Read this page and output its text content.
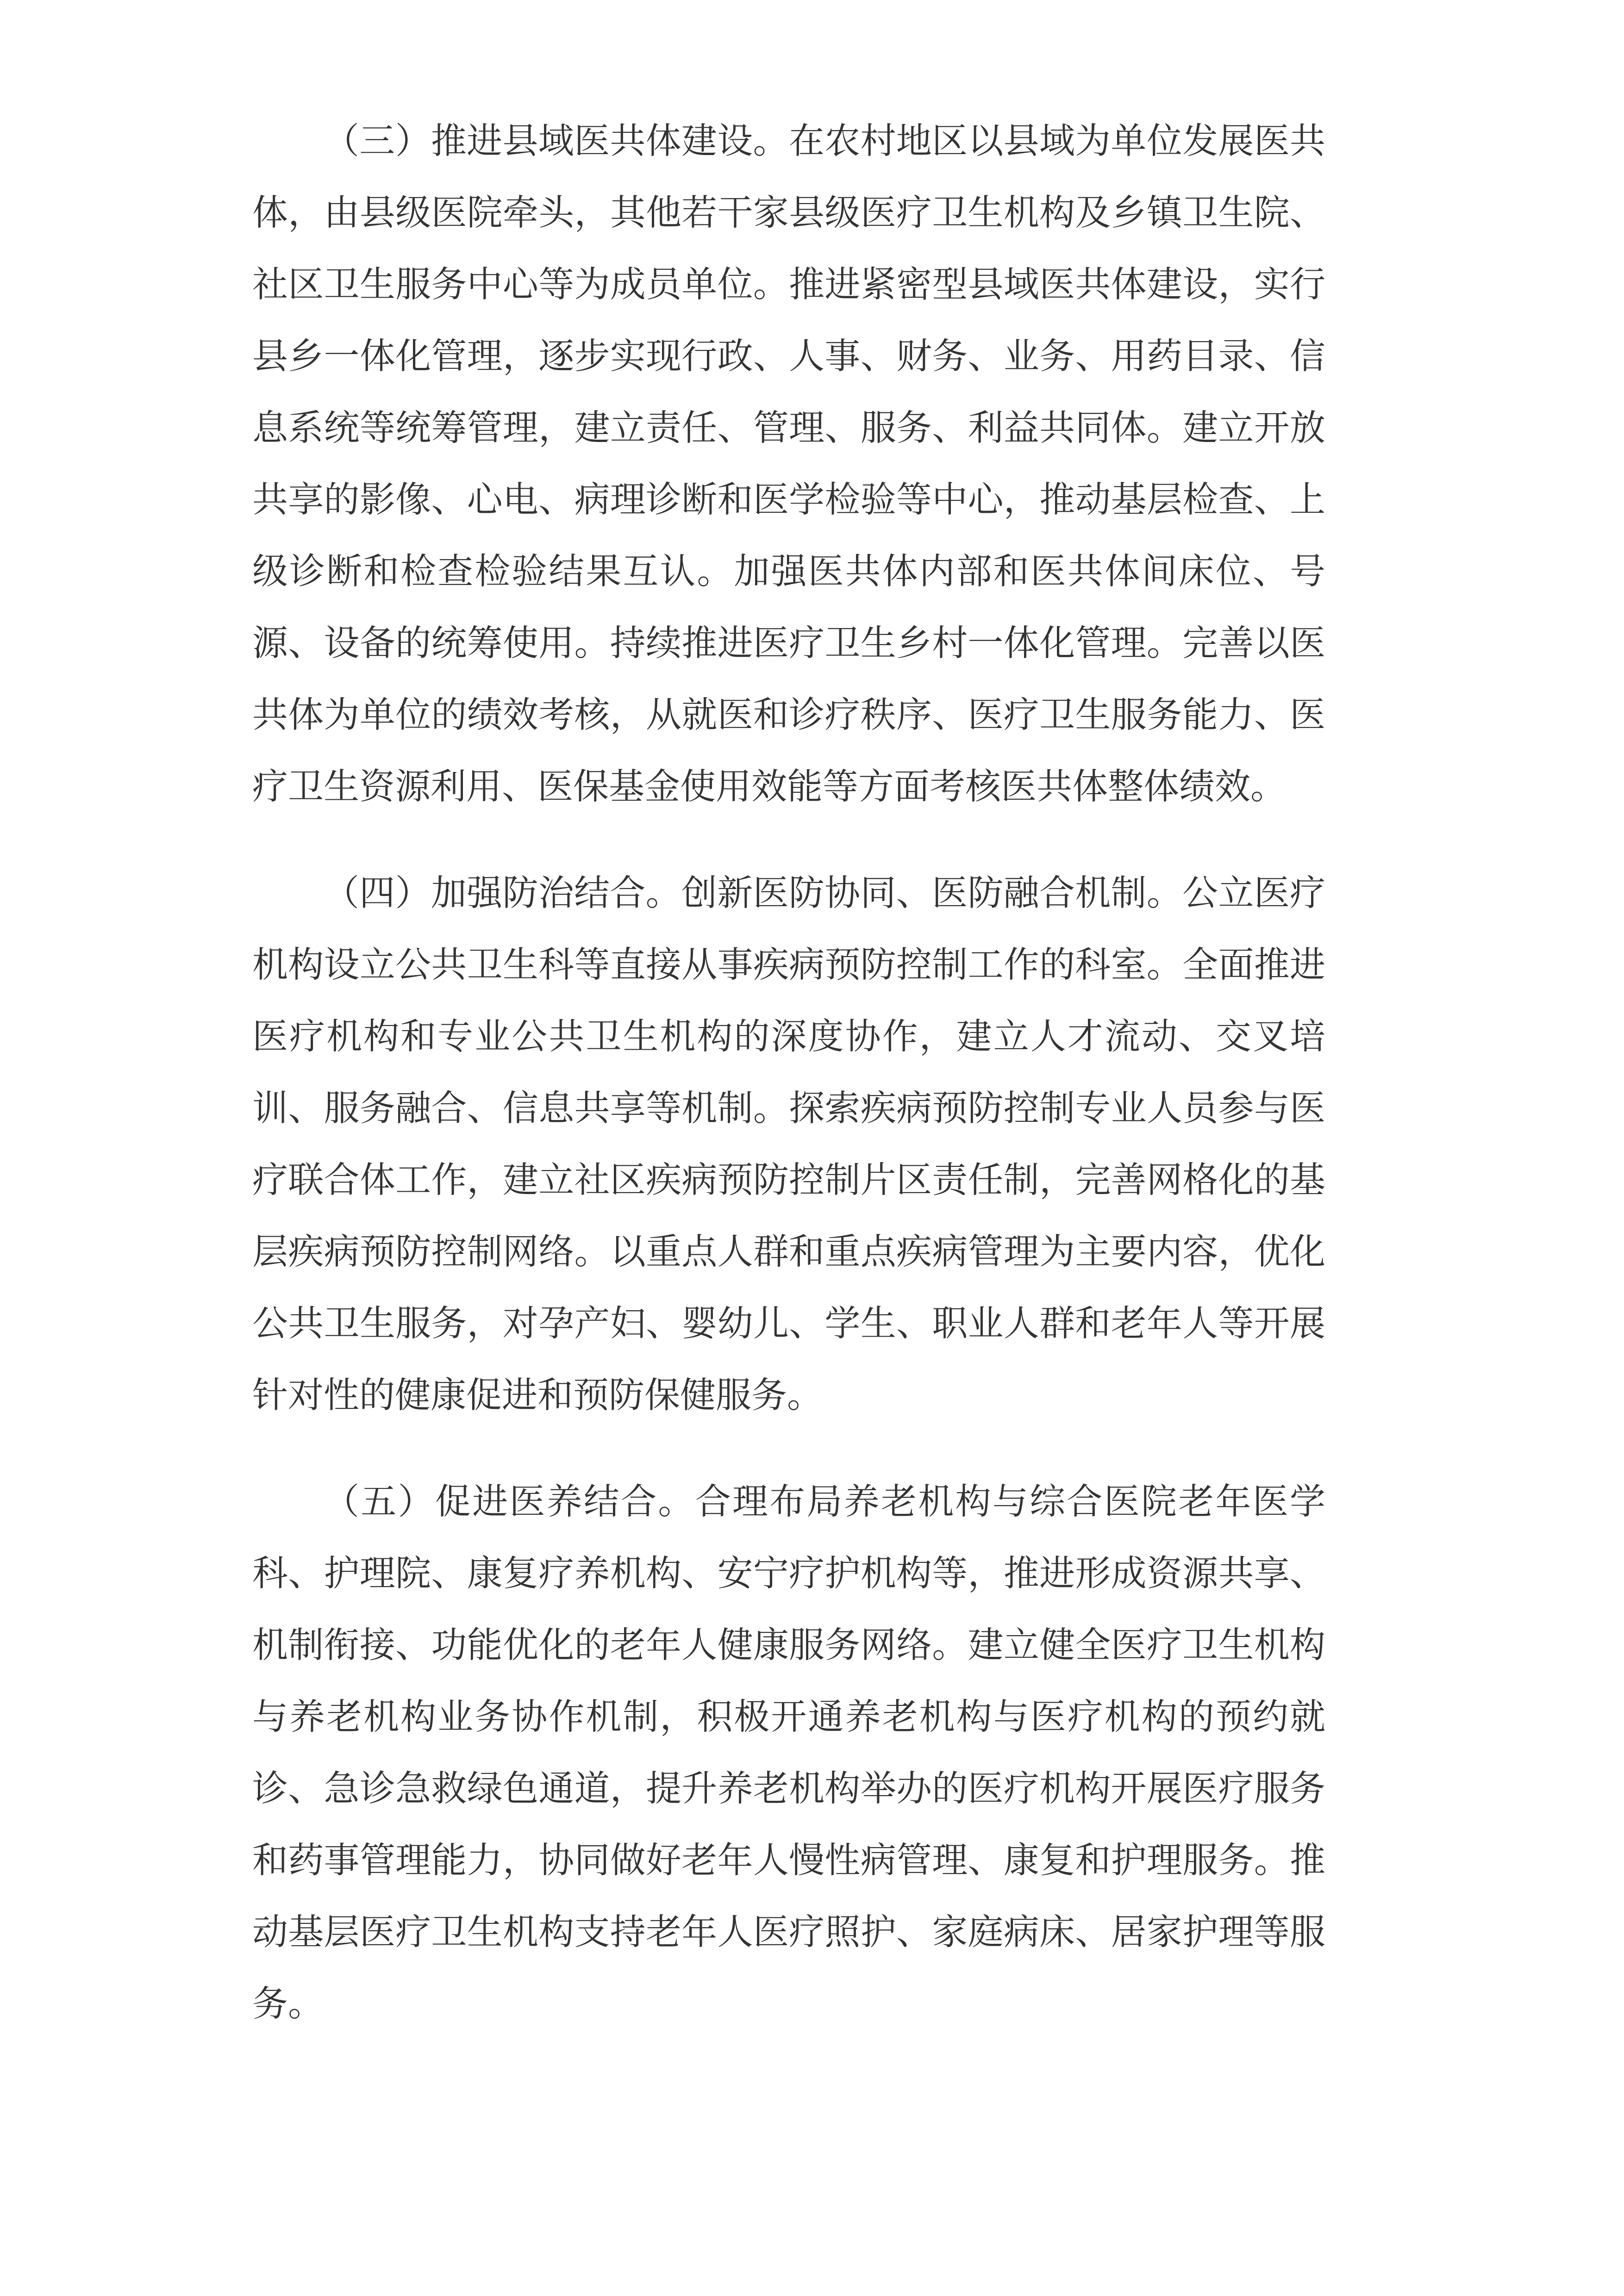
（三）推进县域医共体建设。在农村地区以县域为单位发展医共体，由县级医院牵头，其他若干家县级医疗卫生机构及乡镇卫生院、社区卫生服务中心等为成员单位。推进紧密型县域医共体建设，实行县乡一体化管理，逐步实现行政、人事、财务、业务、用药目录、信息系统等统筹管理，建立责任、管理、服务、利益共同体。建立开放共享的影像、心电、病理诊断和医学检验等中心，推动基层检查、上级诊断和检查检验结果互认。加强医共体内部和医共体间床位、号源、设备的统筹使用。持续推进医疗卫生乡村一体化管理。完善以医共体为单位的绩效考核，从就医和诊疗秩序、医疗卫生服务能力、医疗卫生资源利用、医保基金使用效能等方面考核医共体整体绩效。

（四）加强防治结合。创新医防协同、医防融合机制。公立医疗机构设立公共卫生科等直接从事疾病预防控制工作的科室。全面推进医疗机构和专业公共卫生机构的深度协作，建立人才流动、交叉培训、服务融合、信息共享等机制。探索疾病预防控制专业人员参与医疗联合体工作，建立社区疾病预防控制片区责任制，完善网格化的基层疾病预防控制网络。以重点人群和重点疾病管理为主要内容，优化公共卫生服务，对孕产妇、婴幼儿、学生、职业人群和老年人等开展针对性的健康促进和预防保健服务。

（五）促进医养结合。合理布局养老机构与综合医院老年医学科、护理院、康复疗养机构、安宁疗护机构等，推进形成资源共享、机制衔接、功能优化的老年人健康服务网络。建立健全医疗卫生机构与养老机构业务协作机制，积极开通养老机构与医疗机构的预约就诊、急诊急救绿色通道，提升养老机构举办的医疗机构开展医疗服务和药事管理能力，协同做好老年人慢性病管理、康复和护理服务。推动基层医疗卫生机构支持老年人医疗照护、家庭病床、居家护理等服务。
